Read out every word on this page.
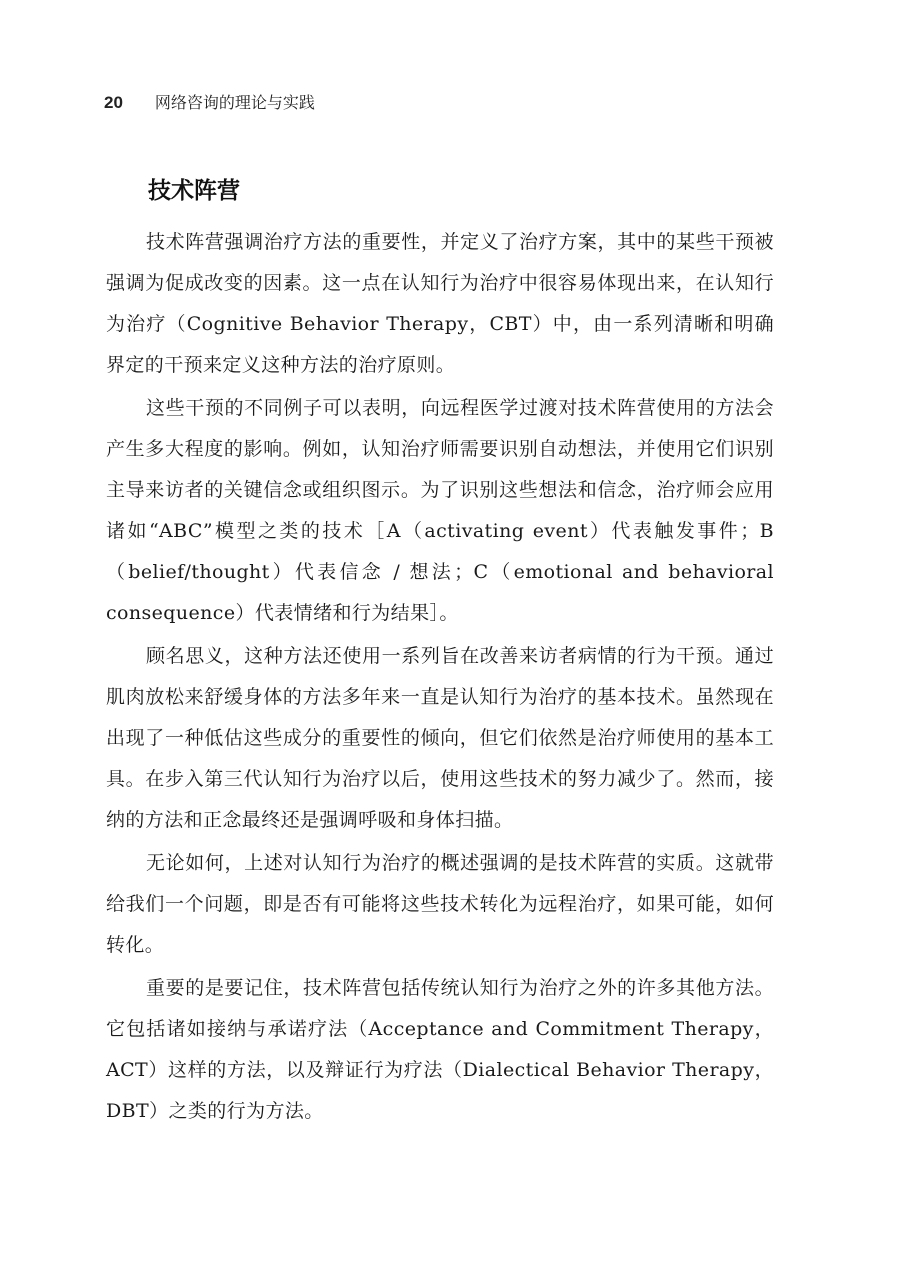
20 网络咨询的理论与实践
技术阵营

技术阵营强调治疗方法的重要性，并定义了治疗方案，其中的某些干预被强调为促成改变的因素。这一点在认知行为治疗中很容易体现出来，在认知行为治疗（Cognitive Behavior Therapy，CBT）中，由一系列清晰和明确界定的干预来定义这种方法的治疗原则。

这些干预的不同例子可以表明，向远程医学过渡对技术阵营使用的方法会产生多大程度的影响。例如，认知治疗师需要识别自动想法，并使用它们识别主导来访者的关键信念或组织图示。为了识别这些想法和信念，治疗师会应用诸如“ABC”模型之类的技术［A（activating event）代表触发事件；B（belief/thought）代表信念 / 想法；C（emotional and behavioral consequence）代表情绪和行为结果］。

顾名思义，这种方法还使用一系列旨在改善来访者病情的行为干预。通过肌肉放松来舒缓身体的方法多年来一直是认知行为治疗的基本技术。虽然现在出现了一种低估这些成分的重要性的倾向，但它们依然是治疗师使用的基本工具。在步入第三代认知行为治疗以后，使用这些技术的努力减少了。然而，接纳的方法和正念最终还是强调呼吸和身体扫描。

无论如何，上述对认知行为治疗的概述强调的是技术阵营的实质。这就带给我们一个问题，即是否有可能将这些技术转化为远程治疗，如果可能，如何转化。

重要的是要记住，技术阵营包括传统认知行为治疗之外的许多其他方法。它包括诸如接纳与承诺疗法（Acceptance and Commitment Therapy，ACT）这样的方法，以及辩证行为疗法（Dialectical Behavior Therapy，DBT）之类的行为方法。
